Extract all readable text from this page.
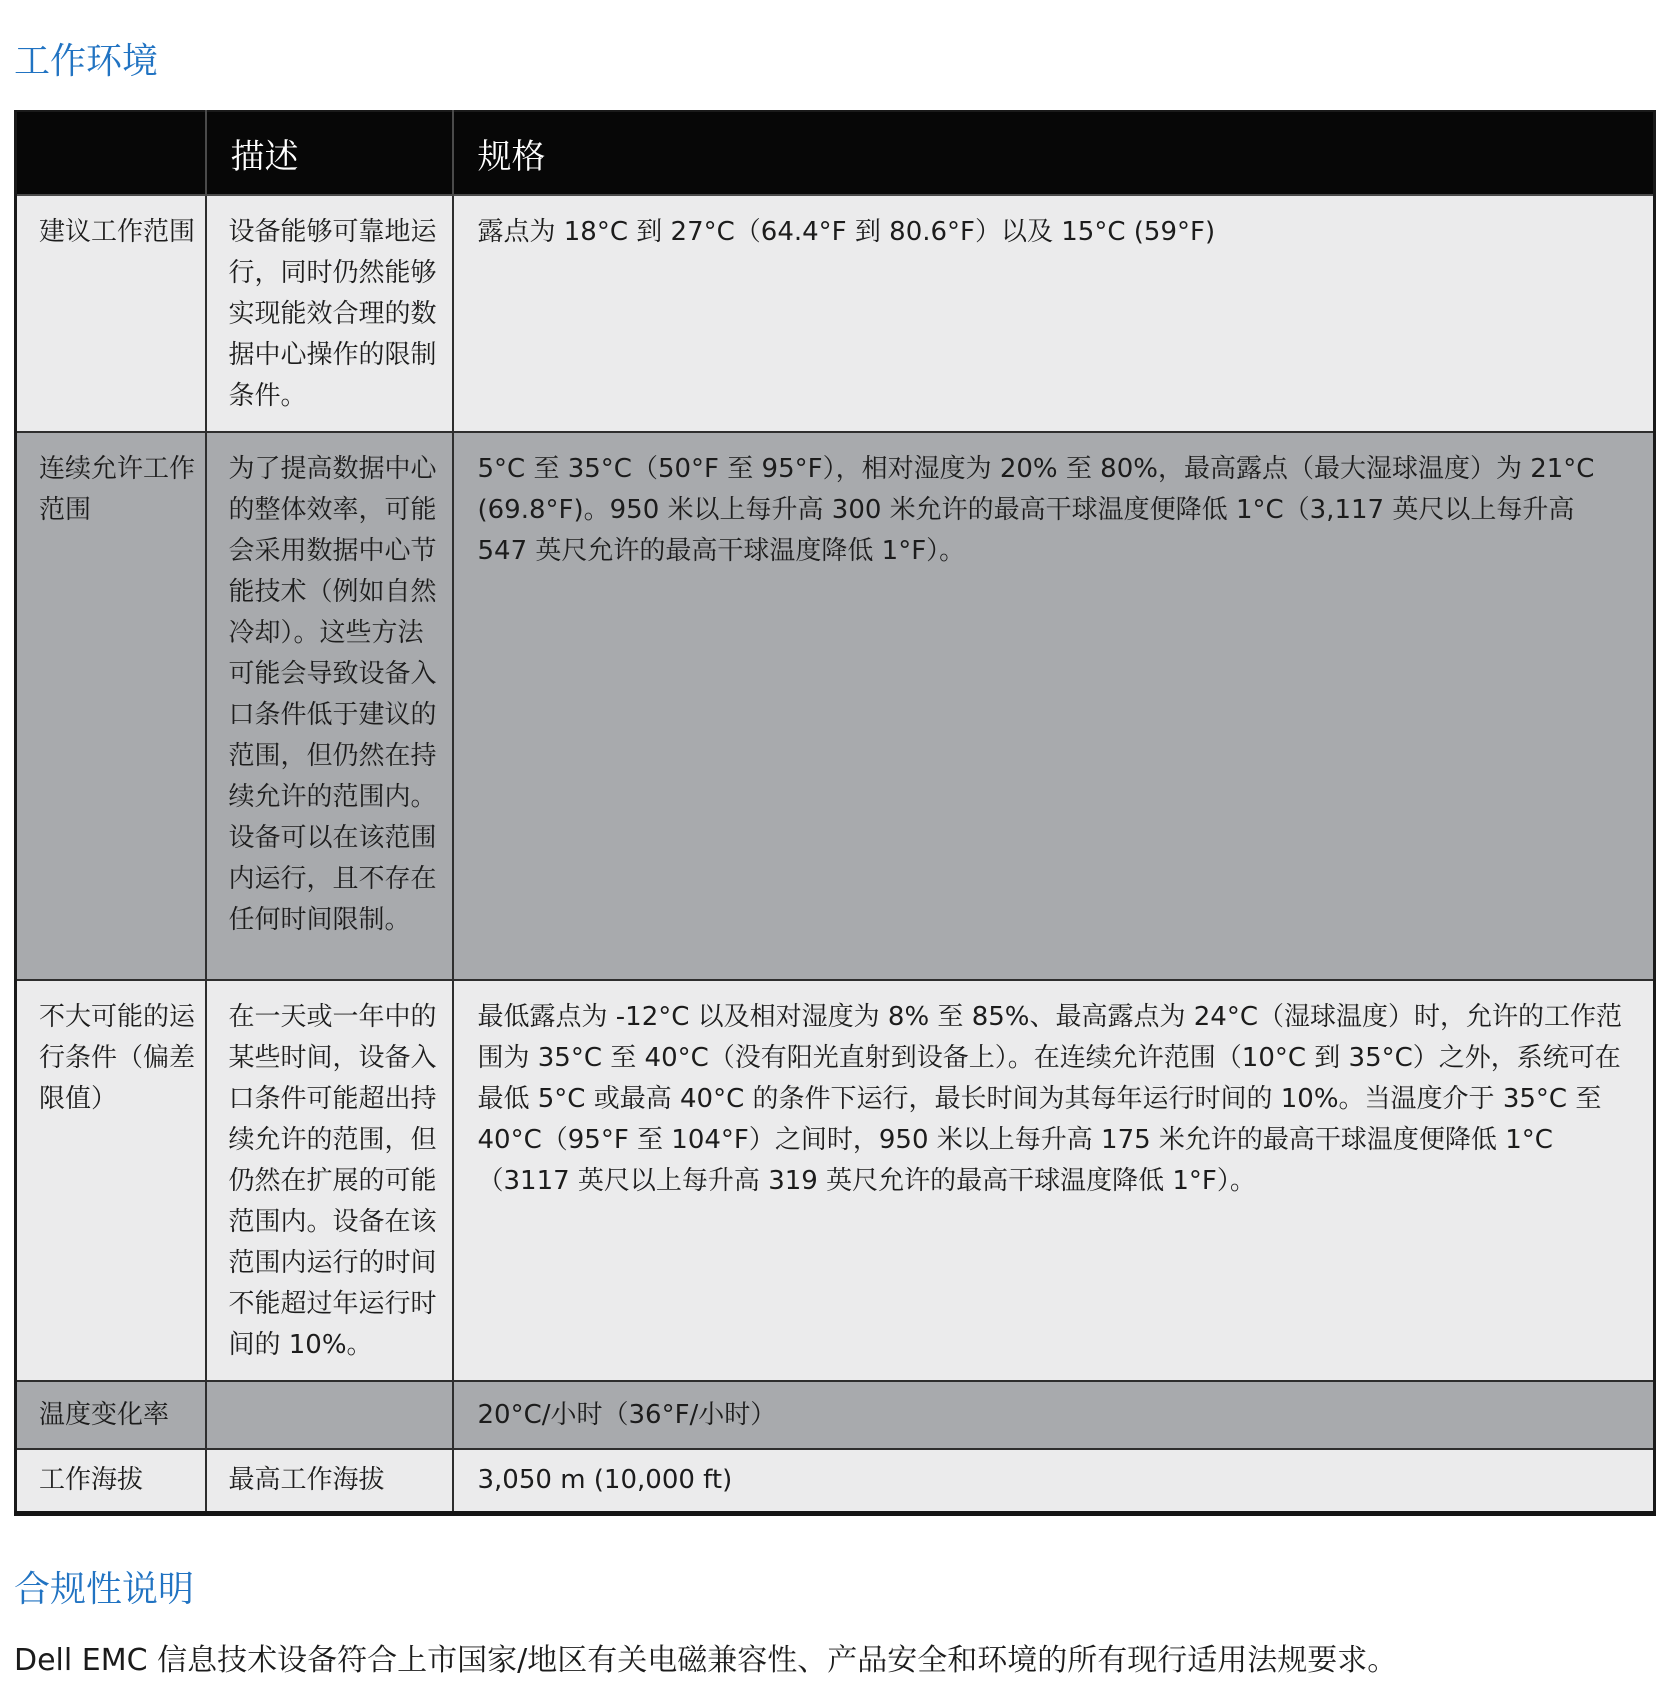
工作环境
	描述	规格
建议工作范围	设备能够可靠地运行，同时仍然能够实现能效合理的数据中心操作的限制条件。	露点为 18°C 到 27°C（64.4°F 到 80.6°F）以及 15°C (59°F)
连续允许工作范围	为了提高数据中心的整体效率，可能会采用数据中心节能技术（例如自然冷却）。这些方法可能会导致设备入口条件低于建议的范围，但仍然在持续允许的范围内。设备可以在该范围内运行，且不存在任何时间限制。	5°C 至 35°C（50°F 至 95°F），相对湿度为 20% 至 80%，最高露点（最大湿球温度）为 21°C (69.8°F)。950 米以上每升高 300 米允许的最高干球温度便降低 1°C（3,117 英尺以上每升高 547 英尺允许的最高干球温度降低 1°F）。
不大可能的运行条件（偏差限值）	在一天或一年中的某些时间，设备入口条件可能超出持续允许的范围，但仍然在扩展的可能范围内。设备在该范围内运行的时间不能超过年运行时间的 10%。	最低露点为 -12°C 以及相对湿度为 8% 至 85%、最高露点为 24°C（湿球温度）时，允许的工作范围为 35°C 至 40°C（没有阳光直射到设备上）。在连续允许范围（10°C 到 35°C）之外，系统可在最低 5°C 或最高 40°C 的条件下运行，最长时间为其每年运行时间的 10%。当温度介于 35°C 至 40°C（95°F 至 104°F）之间时，950 米以上每升高 175 米允许的最高干球温度便降低 1°C（3117 英尺以上每升高 319 英尺允许的最高干球温度降低 1°F）。
温度变化率		20°C/小时（36°F/小时）
工作海拔	最高工作海拔	3,050 m (10,000 ft)
合规性说明

Dell EMC 信息技术设备符合上市国家/地区有关电磁兼容性、产品安全和环境的所有现行适用法规要求。
